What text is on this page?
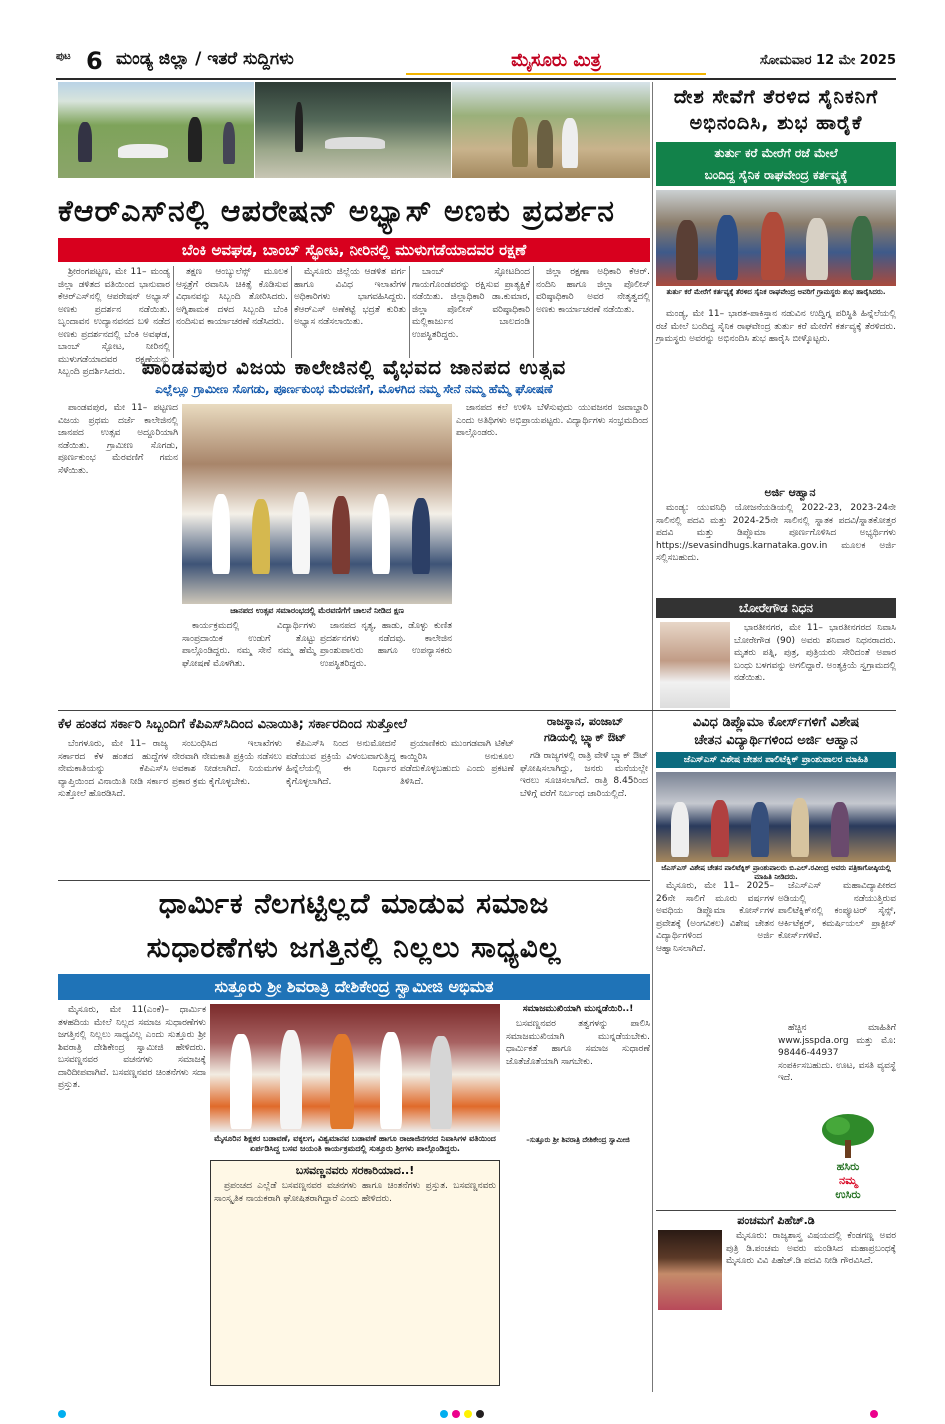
ಪುಟ 6 ಮಂಡ್ಯ ಜಿಲ್ಲಾ / ಇತರೆ ಸುದ್ದಿಗಳು	ಮೈಸೂರು ಮಿತ್ರ	ಸೋಮವಾರ 12 ಮೇ 2025
ಕೆಆರ್‌ಎಸ್‌ನಲ್ಲಿ ಆಪರೇಷನ್ ಅಭ್ಯಾಸ್ ಅಣಕು ಪ್ರದರ್ಶನ
ಬೆಂಕಿ ಅವಘಡ, ಬಾಂಬ್ ಸ್ಫೋಟ, ನೀರಿನಲ್ಲಿ ಮುಳುಗಡೆಯಾದವರ ರಕ್ಷಣೆ

ಶ್ರೀರಂಗಪಟ್ಟಣ, ಮೇ 11– ಮಂಡ್ಯ ಜಿಲ್ಲಾ ಡಳಿತದ ವತಿಯಿಂದ ಭಾನುವಾರ ಕೆಆರ್‌ಎಸ್‌ನಲ್ಲಿ ಆಪರೇಷನ್ ಅಭ್ಯಾಸ್ ಅಣಕು ಪ್ರದರ್ಶನ ನಡೆಯಿತು. ಬೃಂದಾವನ ಉದ್ಯಾನವನದ ಬಳಿ ನಡೆದ ಅಣಕು ಪ್ರದರ್ಶನದಲ್ಲಿ ಬೆಂಕಿ ಅವಘಡ, ಬಾಂಬ್ ಸ್ಫೋಟ, ನೀರಿನಲ್ಲಿ ಮುಳುಗಡೆಯಾದವರ ರಕ್ಷಣೆಯನ್ನು ಸಿಬ್ಬಂದಿ ಪ್ರದರ್ಶಿಸಿದರು.

ತಕ್ಷಣ ಆಂಬ್ಯುಲೆನ್ಸ್ ಮೂಲಕ ಆಸ್ಪತ್ರೆಗೆ ರವಾನಿಸಿ ಚಿಕಿತ್ಸೆ ಕೊಡಿಸುವ ವಿಧಾನವನ್ನು ಸಿಬ್ಬಂದಿ ತೋರಿಸಿದರು. ಅಗ್ನಿಶಾಮಕ ದಳದ ಸಿಬ್ಬಂದಿ ಬೆಂಕಿ ನಂದಿಸುವ ಕಾರ್ಯಾಚರಣೆ ನಡೆಸಿದರು.

ಮೈಸೂರು ಜಿಲ್ಲೆಯ ಆಡಳಿತ ವರ್ಗ ಹಾಗೂ ವಿವಿಧ ಇಲಾಖೆಗಳ ಅಧಿಕಾರಿಗಳು ಭಾಗವಹಿಸಿದ್ದರು. ಕೆಆರ್‌ಎಸ್ ಅಣೆಕಟ್ಟೆ ಭದ್ರತೆ ಕುರಿತು ಅಭ್ಯಾಸ ನಡೆಸಲಾಯಿತು.

ಬಾಂಬ್ ಸ್ಫೋಟದಿಂದ ಗಾಯಗೊಂಡವರನ್ನು ರಕ್ಷಿಸುವ ಪ್ರಾತ್ಯಕ್ಷಿಕೆ ನಡೆಯಿತು. ಜಿಲ್ಲಾಧಿಕಾರಿ ಡಾ.ಕುಮಾರ, ಜಿಲ್ಲಾ ಪೊಲೀಸ್ ವರಿಷ್ಠಾಧಿಕಾರಿ ಮಲ್ಲಿಕಾರ್ಜುನ ಬಾಲದಂಡಿ ಉಪಸ್ಥಿತರಿದ್ದರು.

ಜಿಲ್ಲಾ ರಕ್ಷಣಾ ಅಧಿಕಾರಿ ಕೆಆರ್. ನಂದಿನಿ ಹಾಗೂ ಜಿಲ್ಲಾ ಪೊಲೀಸ್ ವರಿಷ್ಠಾಧಿಕಾರಿ ಅವರ ನೇತೃತ್ವದಲ್ಲಿ ಅಣಕು ಕಾರ್ಯಾಚರಣೆ ನಡೆಯಿತು.

ದೇಶ ಸೇವೆಗೆ ತೆರಳಿದ ಸೈನಿಕನಿಗೆ
ಅಭಿನಂದಿಸಿ, ಶುಭ ಹಾರೈಕೆ
ತುರ್ತು ಕರೆ ಮೇರೆಗೆ ರಜೆ ಮೇಲೆ
ಬಂದಿದ್ದ ಸೈನಿಕ ರಾಘವೇಂದ್ರ ಕರ್ತವ್ಯಕ್ಕೆ
ತುರ್ತು ಕರೆ ಮೇರೆಗೆ ಕರ್ತವ್ಯಕ್ಕೆ ತೆರಳಿದ ಸೈನಿಕ ರಾಘವೇಂದ್ರ ಅವರಿಗೆ ಗ್ರಾಮಸ್ಥರು ಶುಭ ಹಾರೈಸಿದರು.

ಮಂಡ್ಯ, ಮೇ 11– ಭಾರತ-ಪಾಕಿಸ್ತಾನ ನಡುವಿನ ಉದ್ವಿಗ್ನ ಪರಿಸ್ಥಿತಿ ಹಿನ್ನೆಲೆಯಲ್ಲಿ ರಜೆ ಮೇಲೆ ಬಂದಿದ್ದ ಸೈನಿಕ ರಾಘವೇಂದ್ರ ತುರ್ತು ಕರೆ ಮೇರೆಗೆ ಕರ್ತವ್ಯಕ್ಕೆ ತೆರಳಿದರು. ಗ್ರಾಮಸ್ಥರು ಅವರನ್ನು ಅಭಿನಂದಿಸಿ ಶುಭ ಹಾರೈಸಿ ಬೀಳ್ಕೊಟ್ಟರು.

ಅರ್ಜಿ ಆಹ್ವಾನ

ಮಂಡ್ಯ: ಯುವನಿಧಿ ಯೋಜನೆಯಡಿಯಲ್ಲಿ 2022-23, 2023-24ನೇ ಸಾಲಿನಲ್ಲಿ ಪದವಿ ಮತ್ತು 2024-25ನೇ ಸಾಲಿನಲ್ಲಿ ಸ್ನಾತಕ ಪದವಿ/ಸ್ನಾತಕೋತ್ತರ ಪದವಿ ಮತ್ತು ಡಿಪ್ಲೊಮಾ ಪೂರ್ಣಗೊಳಿಸಿದ ಅಭ್ಯರ್ಥಿಗಳು https://sevasindhugs.karnataka.gov.in ಮೂಲಕ ಅರ್ಜಿ ಸಲ್ಲಿಸಬಹುದು.

ಬೋರೇಗೌಡ ನಿಧನ

ಭಾರತೀನಗರ, ಮೇ 11– ಭಾರತೀನಗರದ ನಿವಾಸಿ ಬೋರೇಗೌಡ (90) ಅವರು ಶನಿವಾರ ನಿಧನರಾದರು. ಮೃತರು ಪತ್ನಿ, ಪುತ್ರ, ಪುತ್ರಿಯರು ಸೇರಿದಂತೆ ಅಪಾರ ಬಂಧು ಬಳಗವನ್ನು ಅಗಲಿದ್ದಾರೆ. ಅಂತ್ಯಕ್ರಿಯೆ ಸ್ವಗ್ರಾಮದಲ್ಲಿ ನಡೆಯಿತು.

ಪಾಂಡವಪುರ ವಿಜಯ ಕಾಲೇಜಿನಲ್ಲಿ ವೈಭವದ ಜಾನಪದ ಉತ್ಸವ
ಎಲ್ಲೆಲ್ಲೂ ಗ್ರಾಮೀಣ ಸೊಗಡು, ಪೂರ್ಣಕುಂಭ ಮೆರವಣಿಗೆ, ಮೊಳಗಿದ ನಮ್ಮ ಸೇನೆ ನಮ್ಮ ಹೆಮ್ಮೆ ಘೋಷಣೆ

ಪಾಂಡವಪುರ, ಮೇ 11– ಪಟ್ಟಣದ ವಿಜಯ ಪ್ರಥಮ ದರ್ಜೆ ಕಾಲೇಜಿನಲ್ಲಿ ಜಾನಪದ ಉತ್ಸವ ಅದ್ದೂರಿಯಾಗಿ ನಡೆಯಿತು. ಗ್ರಾಮೀಣ ಸೊಗಡು, ಪೂರ್ಣಕುಂಭ ಮೆರವಣಿಗೆ ಗಮನ ಸೆಳೆಯಿತು.

ಜಾನಪದ ಉತ್ಸವ ಸಮಾರಂಭದಲ್ಲಿ ಮೆರವಣಿಗೆಗೆ ಚಾಲನೆ ನೀಡಿದ ಕ್ಷಣ

ಕಾರ್ಯಕ್ರಮದಲ್ಲಿ ವಿದ್ಯಾರ್ಥಿಗಳು ಸಾಂಪ್ರದಾಯಿಕ ಉಡುಗೆ ತೊಟ್ಟು ಪಾಲ್ಗೊಂಡಿದ್ದರು. ನಮ್ಮ ಸೇನೆ ನಮ್ಮ ಹೆಮ್ಮೆ ಘೋಷಣೆ ಮೊಳಗಿತು.

ಜಾನಪದ ನೃತ್ಯ, ಹಾಡು, ಡೊಳ್ಳು ಕುಣಿತ ಪ್ರದರ್ಶನಗಳು ನಡೆದವು. ಕಾಲೇಜಿನ ಪ್ರಾಂಶುಪಾಲರು ಹಾಗೂ ಉಪನ್ಯಾಸಕರು ಉಪಸ್ಥಿತರಿದ್ದರು.

ಜಾನಪದ ಕಲೆ ಉಳಿಸಿ ಬೆಳೆಸುವುದು ಯುವಜನರ ಜವಾಬ್ದಾರಿ ಎಂದು ಅತಿಥಿಗಳು ಅಭಿಪ್ರಾಯಪಟ್ಟರು. ವಿದ್ಯಾರ್ಥಿಗಳು ಸಂಭ್ರಮದಿಂದ ಪಾಲ್ಗೊಂಡರು.

ಕೆಳ ಹಂತದ ಸರ್ಕಾರಿ ಸಿಬ್ಬಂದಿಗೆ ಕೆಪಿಎಸ್‌ಸಿದಿಂದ ವಿನಾಯಿತಿ; ಸರ್ಕಾರದಿಂದ ಸುತ್ತೋಲೆ

ಬೆಂಗಳೂರು, ಮೇ 11– ರಾಜ್ಯ ಸರ್ಕಾರದ ಕೆಳ ಹಂತದ ಹುದ್ದೆಗಳ ನೇಮಕಾತಿಯನ್ನು ಕೆಪಿಎಸ್‌ಸಿ ವ್ಯಾಪ್ತಿಯಿಂದ ವಿನಾಯಿತಿ ನೀಡಿ ಸರ್ಕಾರ ಸುತ್ತೋಲೆ ಹೊರಡಿಸಿದೆ.

ಸಂಬಂಧಿಸಿದ ಇಲಾಖೆಗಳು ನೇರವಾಗಿ ನೇಮಕಾತಿ ಪ್ರಕ್ರಿಯೆ ನಡೆಸಲು ಅವಕಾಶ ನೀಡಲಾಗಿದೆ. ನಿಯಮಗಳ ಪ್ರಕಾರ ಕ್ರಮ ಕೈಗೊಳ್ಳಬೇಕು.

ಕೆಪಿಎಸ್‌ಸಿ ನಿಂದ ಅನುಮೋದನೆ ಪಡೆಯುವ ಪ್ರಕ್ರಿಯೆ ವಿಳಂಬವಾಗುತ್ತಿದ್ದ ಹಿನ್ನೆಲೆಯಲ್ಲಿ ಈ ನಿರ್ಧಾರ ಕೈಗೊಳ್ಳಲಾಗಿದೆ.

ಪ್ರಯಾಣಿಕರು ಮುಂಗಡವಾಗಿ ಟಿಕೆಟ್ ಕಾಯ್ದಿರಿಸಿ ಅನುಕೂಲ ಪಡೆದುಕೊಳ್ಳಬಹುದು ಎಂದು ಪ್ರಕಟಣೆ ತಿಳಿಸಿದೆ.

ರಾಜಸ್ಥಾನ, ಪಂಜಾಬ್
ಗಡಿಯಲ್ಲಿ ಬ್ಲ್ಯಾಕ್ ಔಟ್

ಗಡಿ ರಾಜ್ಯಗಳಲ್ಲಿ ರಾತ್ರಿ ವೇಳೆ ಬ್ಲ್ಯಾಕ್ ಔಟ್ ಘೋಷಿಸಲಾಗಿದ್ದು, ಜನರು ಮನೆಯಲ್ಲೇ ಇರಲು ಸೂಚಿಸಲಾಗಿದೆ. ರಾತ್ರಿ 8.45ರಿಂದ ಬೆಳಿಗ್ಗೆ ವರೆಗೆ ನಿರ್ಬಂಧ ಜಾರಿಯಲ್ಲಿದೆ.

ವಿವಿಧ ಡಿಪ್ಲೊಮಾ ಕೋರ್ಸ್‌ಗಳಿಗೆ ವಿಶೇಷ
ಚೇತನ ವಿದ್ಯಾರ್ಥಿಗಳಿಂದ ಅರ್ಜಿ ಆಹ್ವಾನ
ಜೆಎಸ್‌ಎಸ್ ವಿಶೇಷ ಚೇತನ ಪಾಲಿಟೆಕ್ನಿಕ್ ಪ್ರಾಂಶುಪಾಲರ ಮಾಹಿತಿ
ಜೆಎಸ್‌ಎಸ್ ವಿಶೇಷ ಚೇತನ ಪಾಲಿಟೆಕ್ನಿಕ್ ಪ್ರಾಂಶುಪಾಲರು ಬಿ.ಎಲ್.ರವೀಂದ್ರ ಅವರು ಪತ್ರಿಕಾಗೋಷ್ಠಿಯಲ್ಲಿ ಮಾಹಿತಿ ನೀಡಿದರು.
ಧಾರ್ಮಿಕ ನೆಲಗಟ್ಟಿಲ್ಲದೆ ಮಾಡುವ ಸಮಾಜ
ಸುಧಾರಣೆಗಳು ಜಗತ್ತಿನಲ್ಲಿ ನಿಲ್ಲಲು ಸಾಧ್ಯವಿಲ್ಲ
ಸುತ್ತೂರು ಶ್ರೀ ಶಿವರಾತ್ರಿ ದೇಶಿಕೇಂದ್ರ ಸ್ವಾಮೀಜಿ ಅಭಿಮತ

ಮೈಸೂರು, ಮೇ 11(ಎಂಕೆ)– ಧಾರ್ಮಿಕ ತಳಹದಿಯ ಮೇಲೆ ನಿಲ್ಲದ ಸಮಾಜ ಸುಧಾರಣೆಗಳು ಜಗತ್ತಿನಲ್ಲಿ ನಿಲ್ಲಲು ಸಾಧ್ಯವಿಲ್ಲ ಎಂದು ಸುತ್ತೂರು ಶ್ರೀ ಶಿವರಾತ್ರಿ ದೇಶಿಕೇಂದ್ರ ಸ್ವಾಮೀಜಿ ಹೇಳಿದರು. ಬಸವಣ್ಣನವರ ವಚನಗಳು ಸಮಾಜಕ್ಕೆ ದಾರಿದೀಪವಾಗಿವೆ. ಬಸವಣ್ಣನವರ ಚಿಂತನೆಗಳು ಸದಾ ಪ್ರಸ್ತುತ.

ಮೈಸೂರಿನ ಶಿಕ್ಷಕರ ಬಡಾವಣೆ, ವಕ್ಕಲಗ, ವಿಶ್ವಮಾನವ ಬಡಾವಣೆ ಹಾಗೂ ರಾಜಾಜಿನಗರದ ನಿವಾಸಿಗಳ ವತಿಯಿಂದ ಏರ್ಪಡಿಸಿದ್ದ ಬಸವ ಜಯಂತಿ ಕಾರ್ಯಕ್ರಮದಲ್ಲಿ ಸುತ್ತೂರು ಶ್ರೀಗಳು ಪಾಲ್ಗೊಂಡಿದ್ದರು.
ಬಸವಣ್ಣನವರು ಸರಕಾರಿಯಾದ..!

ಪ್ರಪಂಚದ ಎಲ್ಲೆಡೆ ಬಸವಣ್ಣನವರ ವಚನಗಳು ಹಾಗೂ ಚಿಂತನೆಗಳು ಪ್ರಸ್ತುತ. ಬಸವಣ್ಣನವರು ಸಾಂಸ್ಕೃತಿಕ ನಾಯಕರಾಗಿ ಘೋಷಿತರಾಗಿದ್ದಾರೆ ಎಂದು ಹೇಳಿದರು.

ಸಮಾಜಮುಖಿಯಾಗಿ ಮುನ್ನಡೆಯಿರಿ..!

ಬಸವಣ್ಣನವರ ತತ್ವಗಳನ್ನು ಪಾಲಿಸಿ ಸಮಾಜಮುಖಿಯಾಗಿ ಮುನ್ನಡೆಯಬೇಕು. ಧಾರ್ಮಿಕತೆ ಹಾಗೂ ಸಮಾಜ ಸುಧಾರಣೆ ಜೊತೆಜೊತೆಯಾಗಿ ಸಾಗಬೇಕು.

–ಸುತ್ತೂರು ಶ್ರೀ ಶಿವರಾತ್ರಿ ದೇಶಿಕೇಂದ್ರ ಸ್ವಾಮೀಜಿ

ಮೈಸೂರು, ಮೇ 11– 2025–26ನೇ ಸಾಲಿಗೆ ಮೂರು ವರ್ಷಗಳ ಅವಧಿಯ ಡಿಪ್ಲೊಮಾ ಕೋರ್ಸ್‌ಗಳ ಪ್ರವೇಶಕ್ಕೆ (ಅಂಗವಿಕಲ) ವಿಶೇಷ ಚೇತನ ವಿದ್ಯಾರ್ಥಿಗಳಿಂದ ಅರ್ಜಿ ಆಹ್ವಾನಿಸಲಾಗಿದೆ.

ಜೆಎಸ್‌ಎಸ್ ಮಹಾವಿದ್ಯಾಪೀಠದ ಅಡಿಯಲ್ಲಿ ನಡೆಯುತ್ತಿರುವ ಪಾಲಿಟೆಕ್ನಿಕ್‌ನಲ್ಲಿ ಕಂಪ್ಯೂಟರ್ ಸೈನ್ಸ್, ಆರ್ಕಿಟೆಕ್ಚರ್, ಕಮರ್ಷಿಯಲ್ ಪ್ರಾಕ್ಟೀಸ್ ಕೋರ್ಸ್‌ಗಳಿವೆ.

ಹೆಚ್ಚಿನ ಮಾಹಿತಿಗೆ www.jsspda.org ಮತ್ತು ಮೊ: 98446-44937 ಸಂಪರ್ಕಿಸಬಹುದು. ಊಟ, ವಸತಿ ವ್ಯವಸ್ಥೆ ಇದೆ.

ಹಸಿರು
ನಮ್ಮ
ಉಸಿರು
ಪಂಚಮಗೆ ಪಿಹೆಚ್.ಡಿ

ಮೈಸೂರು: ರಾಜ್ಯಶಾಸ್ತ್ರ ವಿಷಯದಲ್ಲಿ ಕೆಂಡಗಣ್ಣ ಅವರ ಪುತ್ರಿ ಡಿ.ಪಂಚಮ ಅವರು ಮಂಡಿಸಿದ ಮಹಾಪ್ರಬಂಧಕ್ಕೆ ಮೈಸೂರು ವಿವಿ ಪಿಹೆಚ್.ಡಿ ಪದವಿ ನೀಡಿ ಗೌರವಿಸಿದೆ.
